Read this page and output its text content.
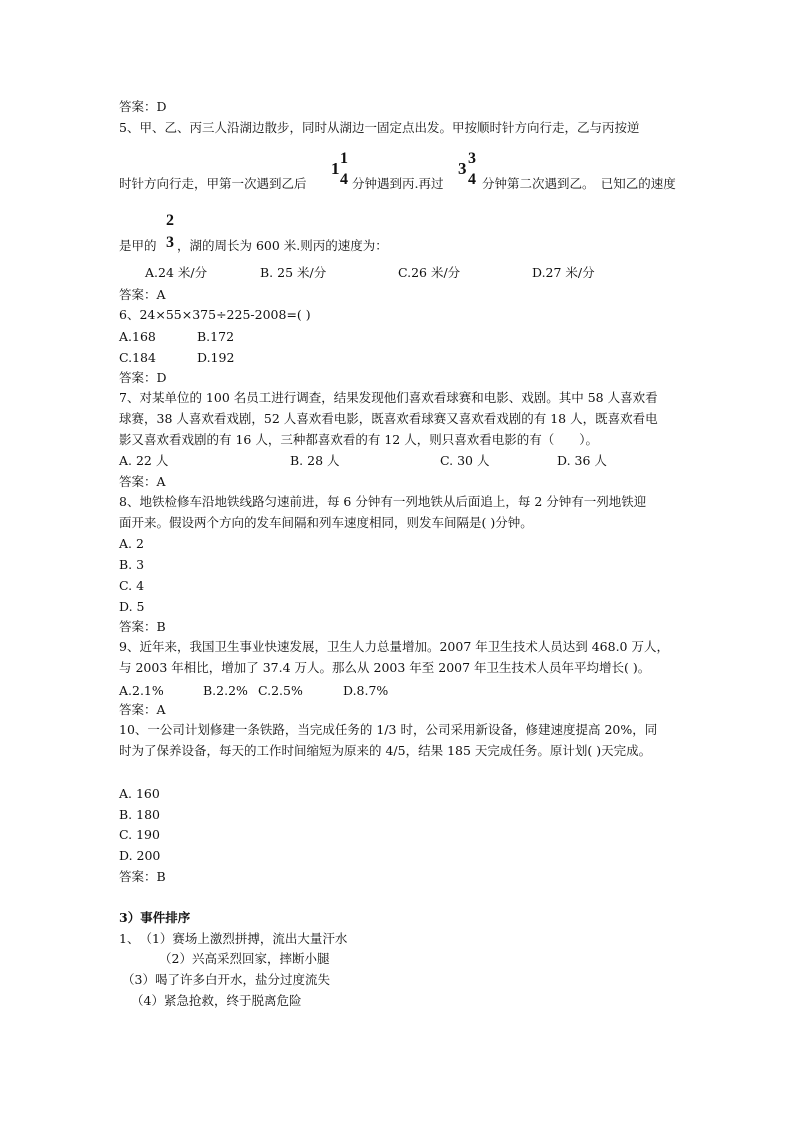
答案：D
5、甲、乙、丙三人沿湖边散步，同时从湖边一固定点出发。甲按顺时针方向行走，乙与丙按逆
时针方向行走，甲第一次遇到乙后
1
1
4 分钟遇到丙.再过
3
3
4 分钟第二次遇到乙。　已知乙的速度
是甲的
2
3 ，湖的周长为 600 米.则丙的速度为：
A.24 米/分	B. 25 米/分	C.26 米/分	D.27 米/分
答案：A
6、24×55×375÷225-2008=( )
A.168	B.172
C.184	D.192
答案：D
7、对某单位的 100 名员工进行调查，结果发现他们喜欢看球赛和电影、戏剧。其中 58 人喜欢看
球赛，38 人喜欢看戏剧，52 人喜欢看电影，既喜欢看球赛又喜欢看戏剧的有 18 人，既喜欢看电
影又喜欢看戏剧的有 16 人，三种都喜欢看的有 12 人，则只喜欢看电影的有（　　）。
A. 22 人	B. 28 人	C. 30 人	D. 36 人
答案：A
8、地铁检修车沿地铁线路匀速前进，每 6 分钟有一列地铁从后面追上，每 2 分钟有一列地铁迎
面开来。假设两个方向的发车间隔和列车速度相同，则发车间隔是( )分钟。
A. 2
B. 3
C. 4
D. 5
答案：B
9、近年来，我国卫生事业快速发展，卫生人力总量增加。2007 年卫生技术人员达到 468.0 万人，
与 2003 年相比，增加了 37.4 万人。那么从 2003 年至 2007 年卫生技术人员年平均增长( )。
A.2.1%	B.2.2% C.2.5%	D.8.7%
答案：A
10、一公司计划修建一条铁路，当完成任务的 1/3 时，公司采用新设备，修建速度提高 20%，同
时为了保养设备，每天的工作时间缩短为原来的 4/5，结果 185 天完成任务。原计划( )天完成。
A. 160
B. 180
C. 190
D. 200
答案：B
3）事件排序
1、　（1）赛场上激烈拼搏，流出大量汗水
（2）兴高采烈回家，摔断小腿
（3）喝了许多白开水，盐分过度流失
（4）紧急抢救，终于脱离危险
